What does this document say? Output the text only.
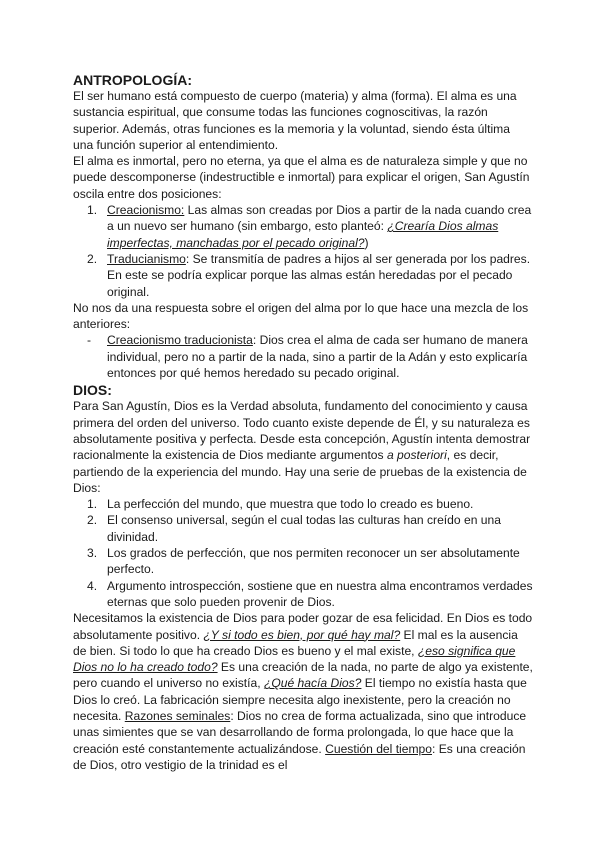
ANTROPOLOGÍA:

El ser humano está compuesto de cuerpo (materia) y alma (forma). El alma es una sustancia espiritual, que consume todas las funciones cognoscitivas, la razón superior. Además, otras funciones es la memoria y la voluntad, siendo ésta última una función superior al entendimiento.

El alma es inmortal, pero no eterna, ya que el alma es de naturaleza simple y que no puede descomponerse (indestructible e inmortal) para explicar el origen, San Agustín oscila entre dos posiciones:

1. Creacionismo: Las almas son creadas por Dios a partir de la nada cuando crea a un nuevo ser humano (sin embargo, esto planteó: ¿Crearía Dios almas imperfectas, manchadas por el pecado original?)
2. Traducianismo: Se transmitía de padres a hijos al ser generada por los padres. En este se podría explicar porque las almas están heredadas por el pecado original.

No nos da una respuesta sobre el origen del alma por lo que hace una mezcla de los anteriores:

- Creacionismo traducionista: Dios crea el alma de cada ser humano de manera individual, pero no a partir de la nada, sino a partir de la Adán y esto explicaría entonces por qué hemos heredado su pecado original.
DIOS:

Para San Agustín, Dios es la Verdad absoluta, fundamento del conocimiento y causa primera del orden del universo. Todo cuanto existe depende de Él, y su naturaleza es absolutamente positiva y perfecta. Desde esta concepción, Agustín intenta demostrar racionalmente la existencia de Dios mediante argumentos a posteriori, es decir, partiendo de la experiencia del mundo. Hay una serie de pruebas de la existencia de Dios:

1. La perfección del mundo, que muestra que todo lo creado es bueno.
2. El consenso universal, según el cual todas las culturas han creído en una divinidad.
3. Los grados de perfección, que nos permiten reconocer un ser absolutamente perfecto.
4. Argumento introspección, sostiene que en nuestra alma encontramos verdades eternas que solo pueden provenir de Dios.

Necesitamos la existencia de Dios para poder gozar de esa felicidad. En Dios es todo absolutamente positivo. ¿Y si todo es bien, por qué hay mal? El mal es la ausencia de bien. Si todo lo que ha creado Dios es bueno y el mal existe, ¿eso significa que Dios no lo ha creado todo? Es una creación de la nada, no parte de algo ya existente, pero cuando el universo no existía, ¿Qué hacía Dios? El tiempo no existía hasta que Dios lo creó. La fabricación siempre necesita algo inexistente, pero la creación no necesita. Razones seminales: Dios no crea de forma actualizada, sino que introduce unas simientes que se van desarrollando de forma prolongada, lo que hace que la creación esté constantemente actualizándose. Cuestión del tiempo: Es una creación de Dios, otro vestigio de la trinidad es el
